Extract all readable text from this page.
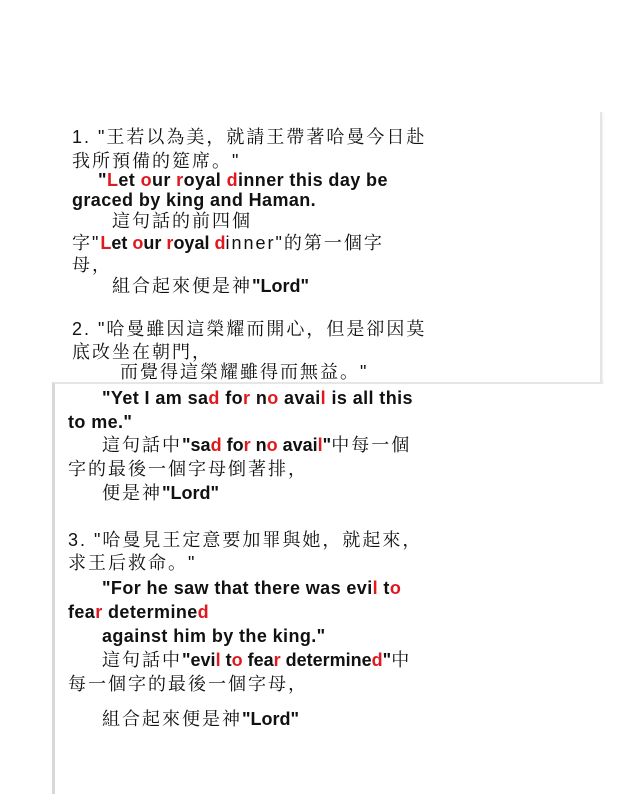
1. "王若以為美，就請王帶著哈曼今日赴
我所預備的筵席。"
"Let our royal dinner this day be
graced by king and Haman.
這句話的前四個
字"Let our royal dinner"的第一個字
母，
組合起來便是神"Lord"
2. "哈曼雖因這榮耀而開心，但是卻因莫
底改坐在朝門，
而覺得這榮耀雖得而無益。"
"Yet I am sad for no avail is all this
to me."
這句話中"sad for no avail"中每一個
字的最後一個字母倒著排，
便是神"Lord"
3. "哈曼見王定意要加罪與她，就起來，
求王后救命。"
"For he saw that there was evil to
fear determined
against him by the king."
這句話中"evil to fear determined"中
每一個字的最後一個字母，
組合起來便是神"Lord"
